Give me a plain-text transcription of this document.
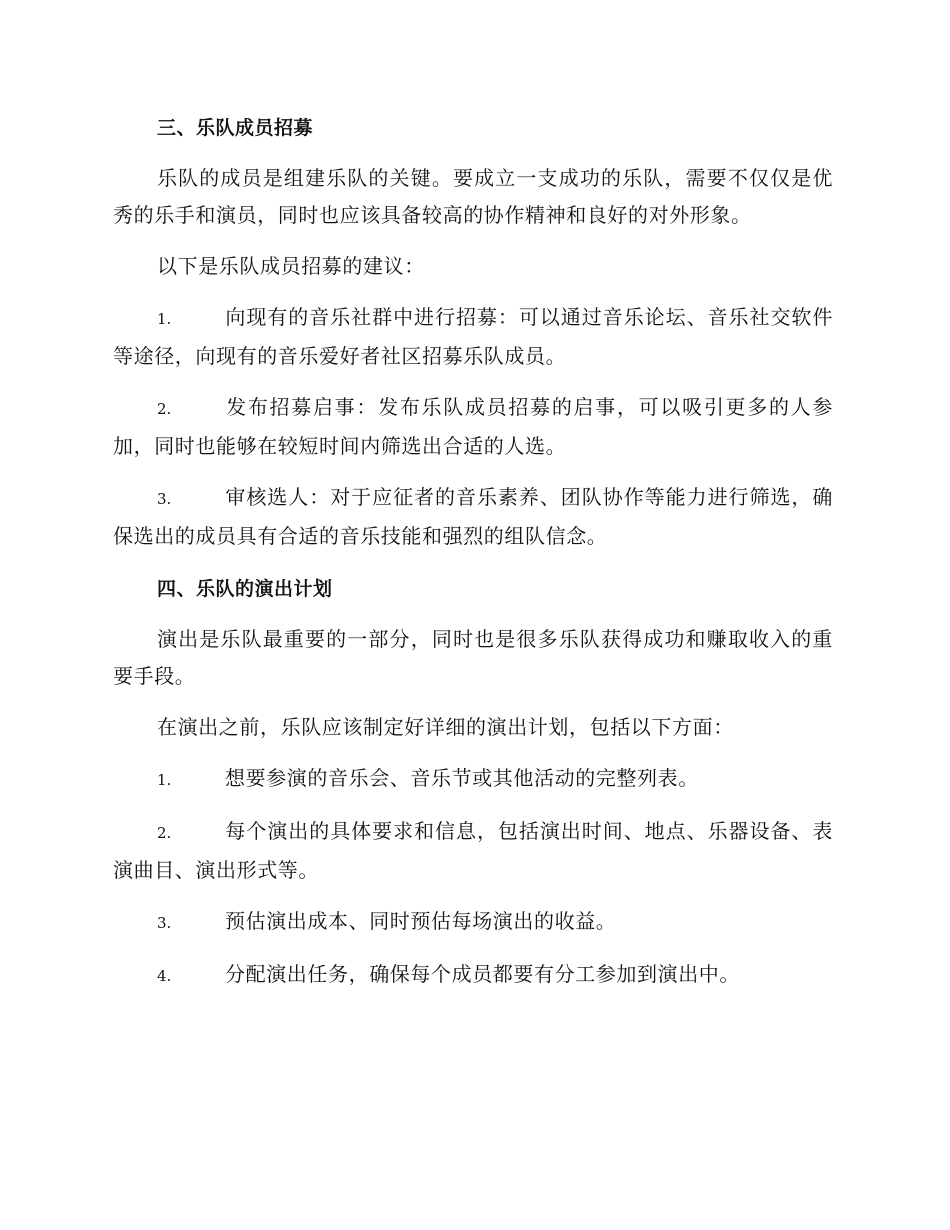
三、乐队成员招募

乐队的成员是组建乐队的关键。要成立一支成功的乐队，需要不仅仅是优秀的乐手和演员，同时也应该具备较高的协作精神和良好的对外形象。

以下是乐队成员招募的建议：

1.	向现有的音乐社群中进行招募：可以通过音乐论坛、音乐社交软件等途径，向现有的音乐爱好者社区招募乐队成员。

2.	发布招募启事：发布乐队成员招募的启事，可以吸引更多的人参加，同时也能够在较短时间内筛选出合适的人选。

3.	审核选人：对于应征者的音乐素养、团队协作等能力进行筛选，确保选出的成员具有合适的音乐技能和强烈的组队信念。

四、乐队的演出计划

演出是乐队最重要的一部分，同时也是很多乐队获得成功和赚取收入的重要手段。

在演出之前，乐队应该制定好详细的演出计划，包括以下方面：

1.	想要参演的音乐会、音乐节或其他活动的完整列表。

2.	每个演出的具体要求和信息，包括演出时间、地点、乐器设备、表演曲目、演出形式等。

3.	预估演出成本、同时预估每场演出的收益。

4.	分配演出任务，确保每个成员都要有分工参加到演出中。
